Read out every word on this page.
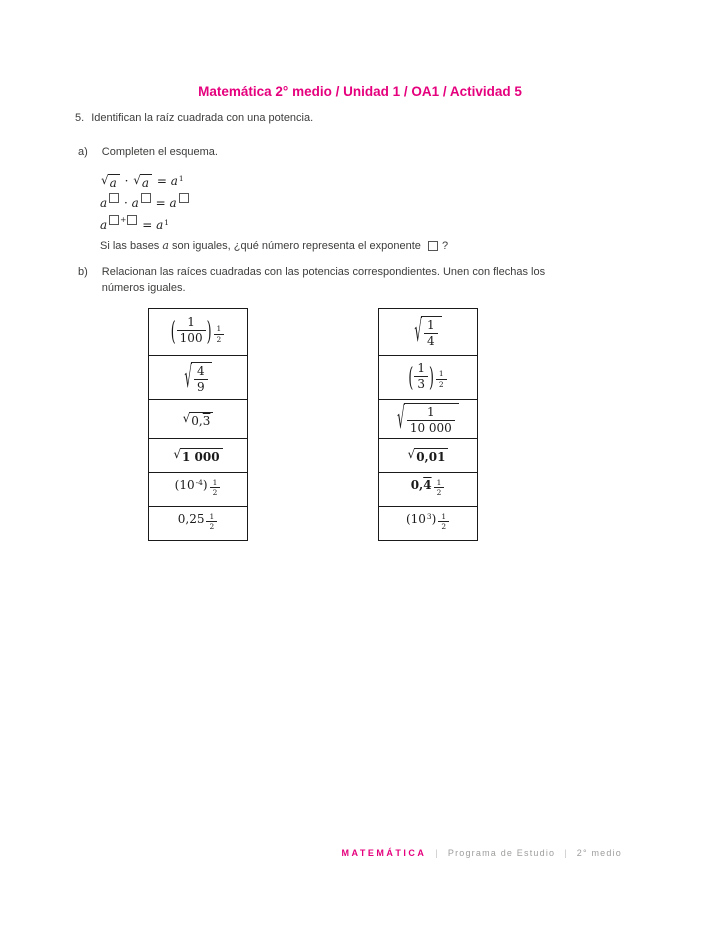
Matemática 2° medio / Unidad 1 / OA1 / Actividad 5
5. Identifican la raíz cuadrada con una potencia.
a) Completen el esquema.
√ a · √ a = a 1
a · a = a
a + = a 1
Si las bases a son iguales, ¿qué número representa el exponente ?
b) Relacionan las raíces cuadradas con las potencias correspondientes. Unen con flechas los números iguales.
( $\frac{1}{100}$ ) $\frac{1}{2}$
√ $\frac{4}{9}$
√ 0, 3
√ 1 000
( 10 -4 ) $\frac{1}{2}$
$0,25 \frac{1}{2}$
√ $\frac{1}{4}$
( $\frac{1}{3}$ ) $\frac{1}{2}$
√ $\frac{1}{10 000}$
√ 0,01
0, $4 \frac{1}{2}$
( 10 3 ) $\frac{1}{2}$
MATEMÁTICA | Programa de Estudio | 2° medio
